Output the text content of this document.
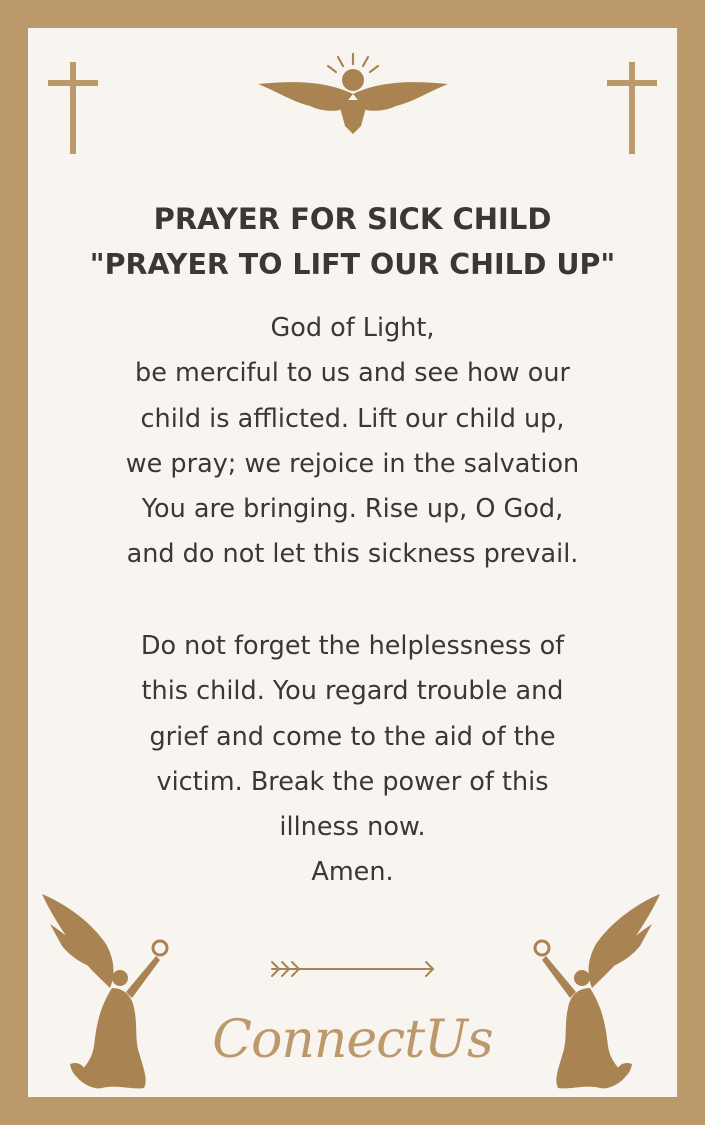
PRAYER FOR SICK CHILD
"PRAYER TO LIFT OUR CHILD UP"
God of Light,
be merciful to us and see how our
child is afflicted. Lift our child up,
we pray; we rejoice in the salvation
You are bringing. Rise up, O God,
and do not let this sickness prevail.
Do not forget the helplessness of
this child. You regard trouble and
grief and come to the aid of the
victim. Break the power of this
illness now.
Amen.
ConnectUs
